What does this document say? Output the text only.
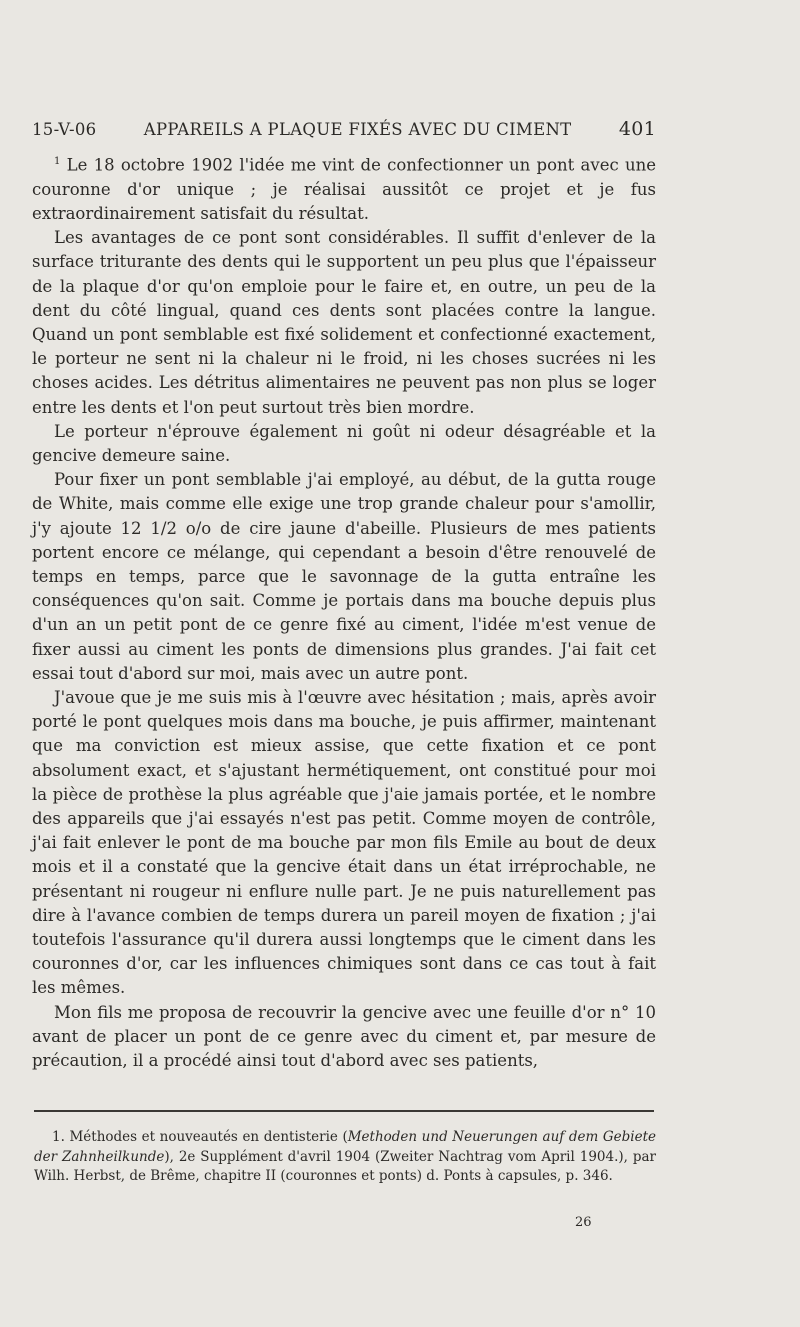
15-V-06	APPAREILS A PLAQUE FIXÉS AVEC DU CIMENT 401

$^1$ Le 18 octobre 1902 l'idée me vint de confectionner un pont avec une couronne d'or unique ; je réalisai aussitôt ce projet et je fus extraordinairement satisfait du résultat.

Les avantages de ce pont sont considérables. Il suffit d'enlever de la surface triturante des dents qui le supportent un peu plus que l'épaisseur de la plaque d'or qu'on emploie pour le faire et, en outre, un peu de la dent du côté lingual, quand ces dents sont placées contre la langue. Quand un pont semblable est fixé solidement et confectionné exactement, le porteur ne sent ni la chaleur ni le froid, ni les choses sucrées ni les choses acides. Les détritus alimentaires ne peuvent pas non plus se loger entre les dents et l'on peut surtout très bien mordre.

Le porteur n'éprouve également ni goût ni odeur désagréable et la gencive demeure saine.

Pour fixer un pont semblable j'ai employé, au début, de la gutta rouge de White, mais comme elle exige une trop grande chaleur pour s'amollir, j'y ajoute 12 1/2 o/o de cire jaune d'abeille. Plusieurs de mes patients portent encore ce mélange, qui cependant a besoin d'être renouvelé de temps en temps, parce que le savonnage de la gutta entraîne les conséquences qu'on sait. Comme je portais dans ma bouche depuis plus d'un an un petit pont de ce genre fixé au ciment, l'idée m'est venue de fixer aussi au ciment les ponts de dimensions plus grandes. J'ai fait cet essai tout d'abord sur moi, mais avec un autre pont.

J'avoue que je me suis mis à l'œuvre avec hésitation ; mais, après avoir porté le pont quelques mois dans ma bouche, je puis affirmer, maintenant que ma conviction est mieux assise, que cette fixation et ce pont absolument exact, et s'ajustant hermétiquement, ont constitué pour moi la pièce de prothèse la plus agréable que j'aie jamais portée, et le nombre des appareils que j'ai essayés n'est pas petit. Comme moyen de contrôle, j'ai fait enlever le pont de ma bouche par mon fils Emile au bout de deux mois et il a constaté que la gencive était dans un état irréprochable, ne présentant ni rougeur ni enflure nulle part. Je ne puis naturellement pas dire à l'avance combien de temps durera un pareil moyen de fixation ; j'ai toutefois l'assurance qu'il durera aussi longtemps que le ciment dans les couronnes d'or, car les influences chimiques sont dans ce cas tout à fait les mêmes.

Mon fils me proposa de recouvrir la gencive avec une feuille d'or n° 10 avant de placer un pont de ce genre avec du ciment et, par mesure de précaution, il a procédé ainsi tout d'abord avec ses patients,

1. Méthodes et nouveautés en dentisterie (Methoden und Neuerungen auf dem Gebiete der Zahnheilkunde), 2e Supplément d'avril 1904 (Zweiter Nachtrag vom April 1904.), par Wilh. Herbst, de Brême, chapitre II (couronnes et ponts) d. Ponts à capsules, p. 346.

26
